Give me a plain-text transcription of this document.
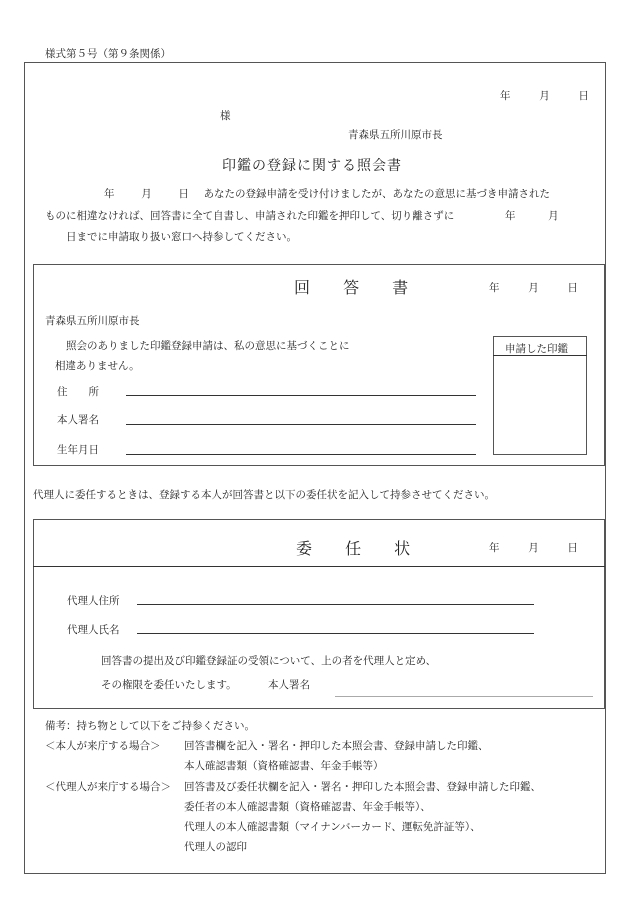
様式第５号（第９条関係）
年	月	日
様
青森県五所川原市長
印鑑の登録に関する照会書
年	月	日 あなたの登録申請を受け付けましたが、あなたの意思に基づき申請された
ものに相違なければ、回答書に全て自書し、申請された印鑑を押印して、切り離さずに	年	月
日までに申請取り扱い窓口へ持参してください。
回 答 書	年	月	日
青森県五所川原市長
照会のありました印鑑登録申請は、私の意思に基づくことに
相違ありません。
住　　所
本人署名
生年月日
申請した印鑑
代理人に委任するときは、登録する本人が回答書と以下の委任状を記入して持参させてください。
委 任 状	年	月	日
代理人住所
代理人氏名
回答書の提出及び印鑑登録証の受領について、上の者を代理人と定め、
その権限を委任いたします。	本人署名
備考：持ち物として以下をご持参ください。
＜本人が来庁する場合＞ 回答書欄を記入・署名・押印した本照会書、登録申請した印鑑、
本人確認書類（資格確認書、年金手帳等）
＜代理人が来庁する場合＞ 回答書及び委任状欄を記入・署名・押印した本照会書、登録申請した印鑑、
委任者の本人確認書類（資格確認書、年金手帳等）、
代理人の本人確認書類（マイナンバーカード、運転免許証等）、
代理人の認印
